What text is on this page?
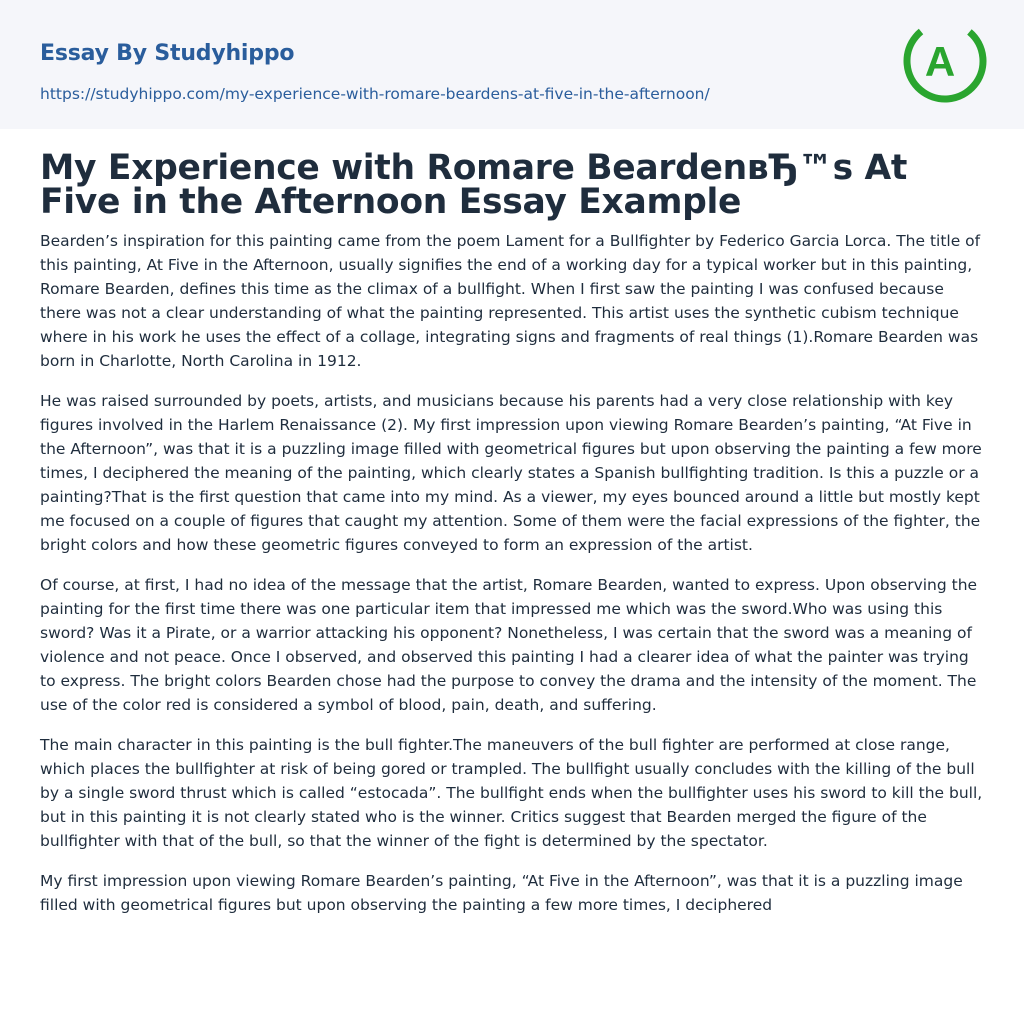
Essay By Studyhippo
https://studyhippo.com/my-experience-with-romare-beardens-at-five-in-the-afternoon/
A
My Experience with Romare BeardenвЂ™s At Five in the Afternoon Essay Example

Bearden’s inspiration for this painting came from the poem Lament for a Bullfighter by Federico Garcia Lorca. The title of this painting, At Five in the Afternoon, usually signifies the end of a working day for a typical worker but in this painting, Romare Bearden, defines this time as the climax of a bullfight. When I first saw the painting I was confused because there was not a clear understanding of what the painting represented. This artist uses the synthetic cubism technique where in his work he uses the effect of a collage, integrating signs and fragments of real things (1).Romare Bearden was born in Charlotte, North Carolina in 1912.

He was raised surrounded by poets, artists, and musicians because his parents had a very close relationship with key figures involved in the Harlem Renaissance (2). My first impression upon viewing Romare Bearden’s painting, “At Five in the Afternoon”, was that it is a puzzling image filled with geometrical figures but upon observing the painting a few more times, I deciphered the meaning of the painting, which clearly states a Spanish bullfighting tradition. Is this a puzzle or a painting?That is the first question that came into my mind. As a viewer, my eyes bounced around a little but mostly kept me focused on a couple of figures that caught my attention. Some of them were the facial expressions of the fighter, the bright colors and how these geometric figures conveyed to form an expression of the artist.

Of course, at first, I had no idea of the message that the artist, Romare Bearden, wanted to express. Upon observing the painting for the first time there was one particular item that impressed me which was the sword.Who was using this sword? Was it a Pirate, or a warrior attacking his opponent? Nonetheless, I was certain that the sword was a meaning of violence and not peace. Once I observed, and observed this painting I had a clearer idea of what the painter was trying to express. The bright colors Bearden chose had the purpose to convey the drama and the intensity of the moment. The use of the color red is considered a symbol of blood, pain, death, and suffering.

The main character in this painting is the bull fighter.The maneuvers of the bull fighter are performed at close range, which places the bullfighter at risk of being gored or trampled. The bullfight usually concludes with the killing of the bull by a single sword thrust which is called “estocada”. The bullfight ends when the bullfighter uses his sword to kill the bull, but in this painting it is not clearly stated who is the winner. Critics suggest that Bearden merged the figure of the bullfighter with that of the bull, so that the winner of the fight is determined by the spectator.

My first impression upon viewing Romare Bearden’s painting, “At Five in the Afternoon”, was that it is a puzzling image filled with geometrical figures but upon observing the painting a few more times, I deciphered
